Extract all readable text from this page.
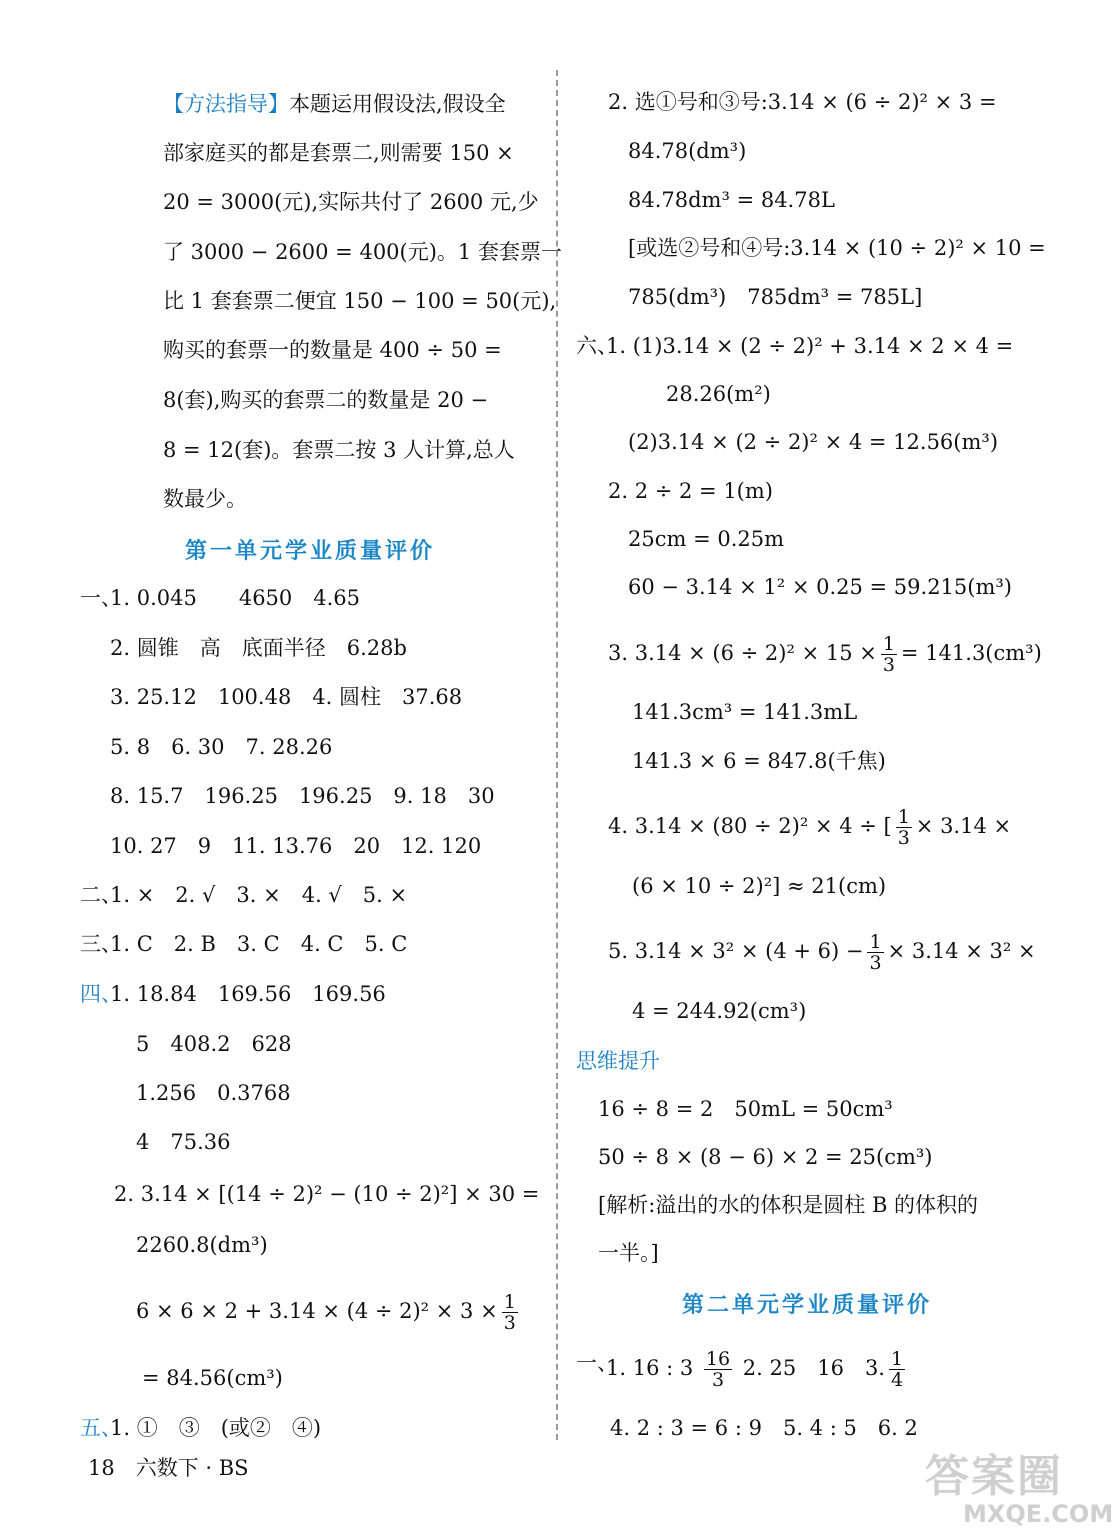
【方法指导】本题运用假设法,假设全
部家庭买的都是套票二,则需要 150 ×
20 = 3000(元),实际共付了 2600 元,少
了 3000 − 2600 = 400(元)。1 套套票一
比 1 套套票二便宜 150 − 100 = 50(元),
购买的套票一的数量是 400 ÷ 50 =
8(套),购买的套票二的数量是 20 −
8 = 12(套)。套票二按 3 人计算,总人
数最少。
第一单元学业质量评价
一、
1. 0.045　　4650　4.65
2. 圆锥　高　底面半径　6.28b
3. 25.12　100.48　4. 圆柱　37.68
5. 8　6. 30　7. 28.26
8. 15.7　196.25　196.25　9. 18　30
10. 27　9　11. 13.76　20　12. 120
二、
1. ×　2. √　3. ×　4. √　5. ×
三、
1. C　2. B　3. C　4. C　5. C
四、
1. 18.84　169.56　169.56
5　408.2　628
1.256　0.3768
4　75.36
2. 3.14 × [(14 ÷ 2)² − (10 ÷ 2)²] × 30 =
2260.8(dm³)
$6 \times 6 \times 2 + 3.14 \times (4 \div 2)^2 \times 3 \times \frac{1}{3}$
= 84.56(cm³)
五、
1. ①　③　(或②　④)
2. 选①号和③号:3.14 × (6 ÷ 2)² × 3 =
84.78(dm³)
84.78dm³ = 84.78L
[或选②号和④号:3.14 × (10 ÷ 2)² × 10 =
785(dm³)　785dm³ = 785L]
六、
1. (1)3.14 × (2 ÷ 2)² + 3.14 × 2 × 4 =
28.26(m²)
(2)3.14 × (2 ÷ 2)² × 4 = 12.56(m³)
2. 2 ÷ 2 = 1(m)
25cm = 0.25m
60 − 3.14 × 1² × 0.25 = 59.215(m³)
3. $3.14 \times (6 \div 2)^2 \times 15 \times \frac{1}{3} = 141.3(cm^3)$
141.3cm³ = 141.3mL
141.3 × 6 = 847.8(千焦)
4. 3.14 × (80 ÷ 2)² × 4 ÷ [ $\frac{1}{3} \times 3.14$ ×
(6 × 10 ÷ 2)²] ≈ 21(cm)
5. $3.14 \times 3^2 \times (4 + 6) - \frac{1}{3} \times 3.14 \times 3^2$ ×
4 = 244.92(cm³)
思维提升
16 ÷ 8 = 2　50mL = 50cm³
50 ÷ 8 × (8 − 6) × 2 = 25(cm³)
[解析:溢出的水的体积是圆柱 B 的体积的
一半。]
第二单元学业质量评价
一、
1. 16 : $3 \frac{16}{3} 2$. 25　16　3. $\frac{1}{4}$
4. 2 : 3 = 6 : 9　5. 4 : 5　6. 2
18　六数下 · BS	答案圈
MXQE.COM
